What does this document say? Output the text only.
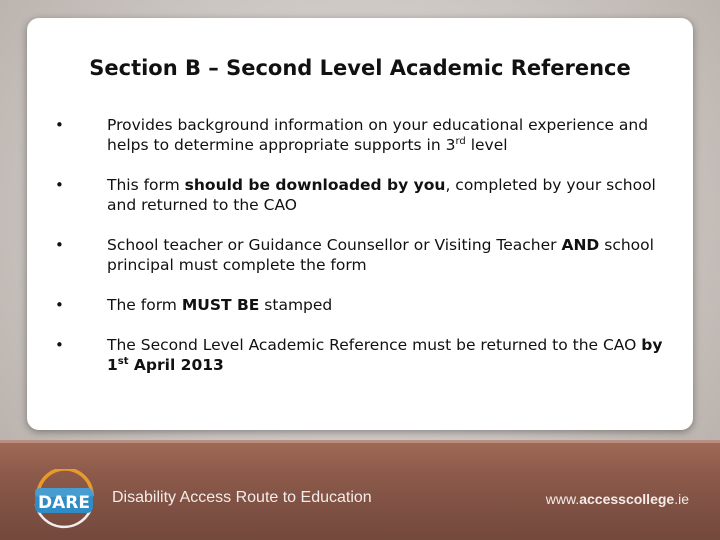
Section B – Second Level Academic Reference
•	Provides background information on your educational experience and helps to determine appropriate supports in 3rd level
•	This form should be downloaded by you, completed by your school and returned to the CAO
•	School teacher or Guidance Counsellor or Visiting Teacher AND school principal must complete the form
•	The form MUST BE stamped
•	The Second Level Academic Reference must be returned to the CAO by 1st April 2013
DARE Disability Access Route to Education	www.accesscollege.ie
